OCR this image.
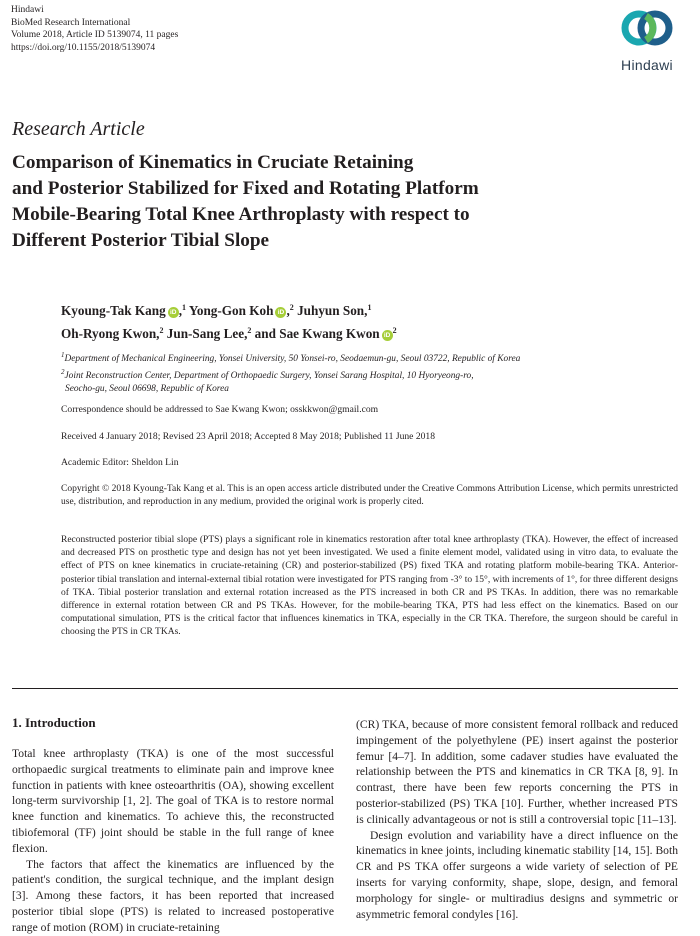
Hindawi
BioMed Research International
Volume 2018, Article ID 5139074, 11 pages
https://doi.org/10.1155/2018/5139074
Hindawi
Research Article
Comparison of Kinematics in Cruciate Retaining
and Posterior Stabilized for Fixed and Rotating Platform
Mobile-Bearing Total Knee Arthroplasty with respect to
Different Posterior Tibial Slope
Kyoung-Tak Kang iD ,$^1$ Yong-Gon Koh iD ,$^2$ Juhyun Son,$^1$
Oh-Ryong Kwon,$^2$ Jun-Sang Lee,$^2$ and Sae Kwang Kwon $iD^2$
$^1$Department of Mechanical Engineering, Yonsei University, 50 Yonsei-ro, Seodaemun-gu, Seoul 03722, Republic of Korea
$^2$Joint Reconstruction Center, Department of Orthopaedic Surgery, Yonsei Sarang Hospital, 10 Hyoryeong-ro,
Seocho-gu, Seoul 06698, Republic of Korea
Correspondence should be addressed to Sae Kwang Kwon; osskkwon@gmail.com
Received 4 January 2018; Revised 23 April 2018; Accepted 8 May 2018; Published 11 June 2018
Academic Editor: Sheldon Lin
Copyright © 2018 Kyoung-Tak Kang et al. This is an open access article distributed under the Creative Commons Attribution License, which permits unrestricted use, distribution, and reproduction in any medium, provided the original work is properly cited.
Reconstructed posterior tibial slope (PTS) plays a significant role in kinematics restoration after total knee arthroplasty (TKA). However, the effect of increased and decreased PTS on prosthetic type and design has not yet been investigated. We used a finite element model, validated using in vitro data, to evaluate the effect of PTS on knee kinematics in cruciate-retaining (CR) and posterior-stabilized (PS) fixed TKA and rotating platform mobile-bearing TKA. Anterior-posterior tibial translation and internal-external tibial rotation were investigated for PTS ranging from -3° to 15°, with increments of 1°, for three different designs of TKA. Tibial posterior translation and external rotation increased as the PTS increased in both CR and PS TKAs. In addition, there was no remarkable difference in external rotation between CR and PS TKAs. However, for the mobile-bearing TKA, PTS had less effect on the kinematics. Based on our computational simulation, PTS is the critical factor that influences kinematics in TKA, especially in the CR TKA. Therefore, the surgeon should be careful in choosing the PTS in CR TKAs.
1. Introduction

Total knee arthroplasty (TKA) is one of the most successful orthopaedic surgical treatments to eliminate pain and improve knee function in patients with knee osteoarthritis (OA), showing excellent long-term survivorship [1, 2]. The goal of TKA is to restore normal knee function and kinematics. To achieve this, the reconstructed tibiofemoral (TF) joint should be stable in the full range of knee flexion.

The factors that affect the kinematics are influenced by the patient's condition, the surgical technique, and the implant design [3]. Among these factors, it has been reported that increased posterior tibial slope (PTS) is related to increased postoperative range of motion (ROM) in cruciate-retaining

(CR) TKA, because of more consistent femoral rollback and reduced impingement of the polyethylene (PE) insert against the posterior femur [4–7]. In addition, some cadaver studies have evaluated the relationship between the PTS and kinematics in CR TKA [8, 9]. In contrast, there have been few reports concerning the PTS in posterior-stabilized (PS) TKA [10]. Further, whether increased PTS is clinically advantageous or not is still a controversial topic [11–13].

Design evolution and variability have a direct influence on the kinematics in knee joints, including kinematic stability [14, 15]. Both CR and PS TKA offer surgeons a wide variety of selection of PE inserts for varying conformity, shape, slope, design, and femoral morphology for single- or multiradius designs and symmetric or asymmetric femoral condyles [16].
